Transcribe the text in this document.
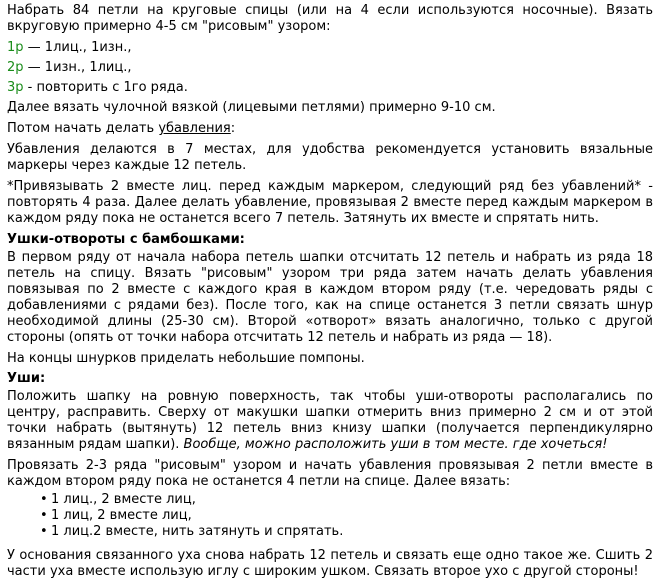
Набрать 84 петли на круговые спицы (или на 4 если используются носочные). Вязать вкруговую примерно 4-5 см "рисовым" узором:

1р — 1лиц., 1изн.,

2р — 1изн., 1лиц.,

3р - повторить с 1го ряда.

Далее вязать чулочной вязкой (лицевыми петлями) примерно 9-10 см.

Потом начать делать убавления:

Убавления делаются в 7 местах, для удобства рекомендуется установить вязальные маркеры через каждые 12 петель.

*Привязывать 2 вместе лиц. перед каждым маркером, следующий ряд без убавлений* - повторять 4 раза. Далее делать убавление, провязывая 2 вместе перед каждым маркером в каждом ряду пока не останется всего 7 петель. Затянуть их вместе и спрятать нить.

Ушки-отвороты с бамбошками:

В первом ряду от начала набора петель шапки отсчитать 12 петель и набрать из ряда 18 петель на спицу. Вязать "рисовым" узором три ряда затем начать делать убавления повязывая по 2 вместе с каждого края в каждом втором ряду (т.е. чередовать ряды с добавлениями с рядами без). После того, как на спице останется 3 петли связать шнур необходимой длины (25-30 см). Второй «отворот» вязать аналогично, только с другой стороны (опять от точки набора отсчитать 12 петель и набрать из ряда — 18).

На концы шнурков приделать небольшие помпоны.

Уши:

Положить шапку на ровную поверхность, так чтобы уши-отвороты располагались по центру, расправить. Сверху от макушки шапки отмерить вниз примерно 2 см и от этой точки набрать (вытянуть) 12 петель вниз книзу шапки (получается перпендикулярно вязанным рядам шапки). Вообще, можно расположить уши в том месте. где хочеться!

Провязать 2-3 ряда "рисовым" узором и начать убавления провязывая 2 петли вместе в каждом втором ряду пока не останется 4 петли на спице. Далее вязать:

• 1 лиц., 2 вместе лиц,
• 1 лиц, 2 вместе лиц,
• 1 лиц.2 вместе, нить затянуть и спрятать.

У основания связанного уха снова набрать 12 петель и связать еще одно такое же. Сшить 2 части уха вместе использую иглу с широким ушком. Связать второе ухо с другой стороны!
